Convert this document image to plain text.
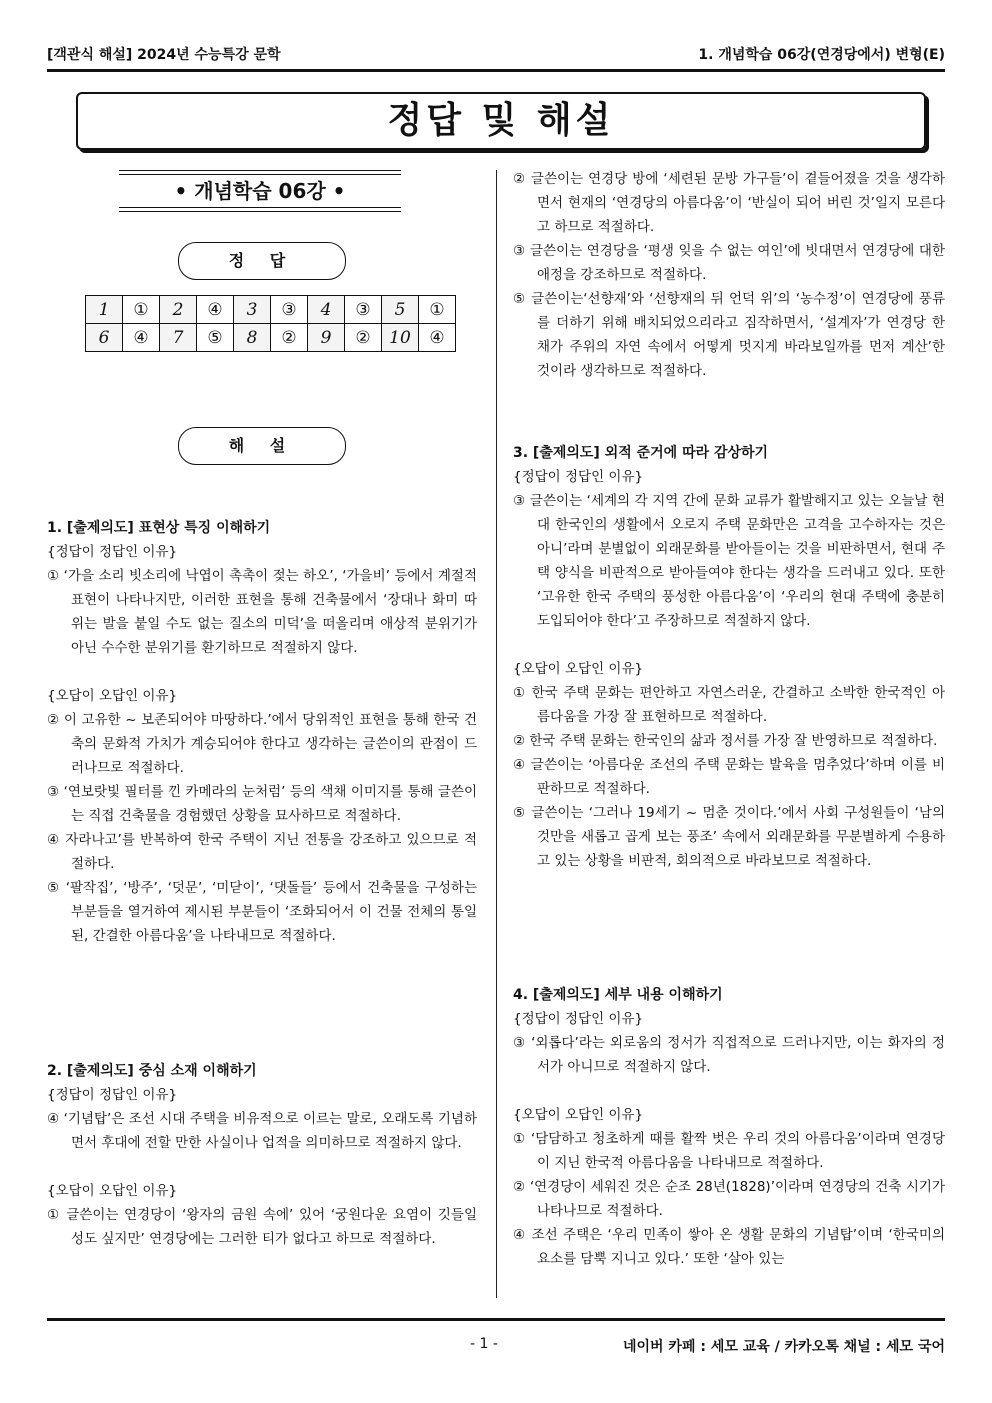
[객관식 해설] 2024년 수능특강 문학	1. 개념학습 06강(연경당에서) 변형(E)
정답 및 해설
• 개념학습 06강 •
정 답
1	①	2	④	3	③	4	③	5	①
6	④	7	⑤	8	②	9	②	10	④
해 설
1. [출제의도] 표현상 특징 이해하기
{정답이 정답인 이유}
① ‘가을 소리 빗소리에 낙엽이 촉촉이 젖는 하오’, ‘가을비’ 등에서 계절적 표현이 나타나지만, 이러한 표현을 통해 건축물에서 ‘장대나 화미 따위는 발을 붙일 수도 없는 질소의 미덕’을 떠올리며 애상적 분위기가 아닌 수수한 분위기를 환기하므로 적절하지 않다.
{오답이 오답인 이유}
② 이 고유한 ~ 보존되어야 마땅하다.’에서 당위적인 표현을 통해 한국 건축의 문화적 가치가 계승되어야 한다고 생각하는 글쓴이의 관점이 드러나므로 적절하다.
③ ‘연보랏빛 필터를 낀 카메라의 눈처럼’ 등의 색채 이미지를 통해 글쓴이는 직접 건축물을 경험했던 상황을 묘사하므로 적절하다.
④ 자라나고’를 반복하여 한국 주택이 지닌 전통을 강조하고 있으므로 적절하다.
⑤ ‘팔작집’, ‘방주’, ‘덧문’, ‘미닫이’, ‘댓돌들’ 등에서 건축물을 구성하는 부분들을 열거하여 제시된 부분들이 ‘조화되어서 이 건물 전체의 통일된, 간결한 아름다움’을 나타내므로 적절하다.
2. [출제의도] 중심 소재 이해하기
{정답이 정답인 이유}
④ ‘기념탑’은 조선 시대 주택을 비유적으로 이르는 말로, 오래도록 기념하면서 후대에 전할 만한 사실이나 업적을 의미하므로 적절하지 않다.
{오답이 오답인 이유}
① 글쓴이는 연경당이 ‘왕자의 금원 속에’ 있어 ‘궁원다운 요염이 깃들일 성도 싶지만’ 연경당에는 그러한 티가 없다고 하므로 적절하다.
② 글쓴이는 연경당 방에 ‘세련된 문방 가구들’이 곁들어졌을 것을 생각하면서 현재의 ‘연경당의 아름다움’이 ‘반실이 되어 버린 것’일지 모른다고 하므로 적절하다.
③ 글쓴이는 연경당을 ‘평생 잊을 수 없는 여인’에 빗대면서 연경당에 대한 애정을 강조하므로 적절하다.
⑤ 글쓴이는‘선향재’와 ‘선향재의 뒤 언덕 위’의 ‘농수정’이 연경당에 풍류를 더하기 위해 배치되었으리라고 짐작하면서, ‘설계자’가 연경당 한 채가 주위의 자연 속에서 어떻게 멋지게 바라보일까를 먼저 계산’한 것이라 생각하므로 적절하다.
3. [출제의도] 외적 준거에 따라 감상하기
{정답이 정답인 이유}
③ 글쓴이는 ‘세계의 각 지역 간에 문화 교류가 활발해지고 있는 오늘날 현대 한국인의 생활에서 오로지 주택 문화만은 고격을 고수하자는 것은 아니’라며 분별없이 외래문화를 받아들이는 것을 비판하면서, 현대 주택 양식을 비판적으로 받아들여야 한다는 생각을 드러내고 있다. 또한 ‘고유한 한국 주택의 풍성한 아름다움’이 ‘우리의 현대 주택에 충분히 도입되어야 한다’고 주장하므로 적절하지 않다.
{오답이 오답인 이유}
① 한국 주택 문화는 편안하고 자연스러운, 간결하고 소박한 한국적인 아름다움을 가장 잘 표현하므로 적절하다.
② 한국 주택 문화는 한국인의 삶과 정서를 가장 잘 반영하므로 적절하다.
④ 글쓴이는 ‘아름다운 조선의 주택 문화는 발육을 멈추었다’하며 이를 비판하므로 적절하다.
⑤ 글쓴이는 ‘그러나 19세기 ~ 멈춘 것이다.’에서 사회 구성원들이 ‘남의 것만을 새롭고 곱게 보는 풍조’ 속에서 외래문화를 무분별하게 수용하고 있는 상황을 비판적, 회의적으로 바라보므로 적절하다.
4. [출제의도] 세부 내용 이해하기
{정답이 정답인 이유}
③ ‘외롭다’라는 외로움의 정서가 직접적으로 드러나지만, 이는 화자의 정서가 아니므로 적절하지 않다.
{오답이 오답인 이유}
① ‘담담하고 청초하게 때를 활짝 벗은 우리 것의 아름다움’이라며 연경당이 지닌 한국적 아름다움을 나타내므로 적절하다.
② ‘연경당이 세워진 것은 순조 28년(1828)’이라며 연경당의 건축 시기가 나타나므로 적절하다.
④ 조선 주택은 ‘우리 민족이 쌓아 온 생활 문화의 기념탑’이며 ‘한국미의 요소를 담뿍 지니고 있다.’ 또한 ‘살아 있는
- 1 -	네이버 카페 : 세모 교육 / 카카오톡 채널 : 세모 국어
